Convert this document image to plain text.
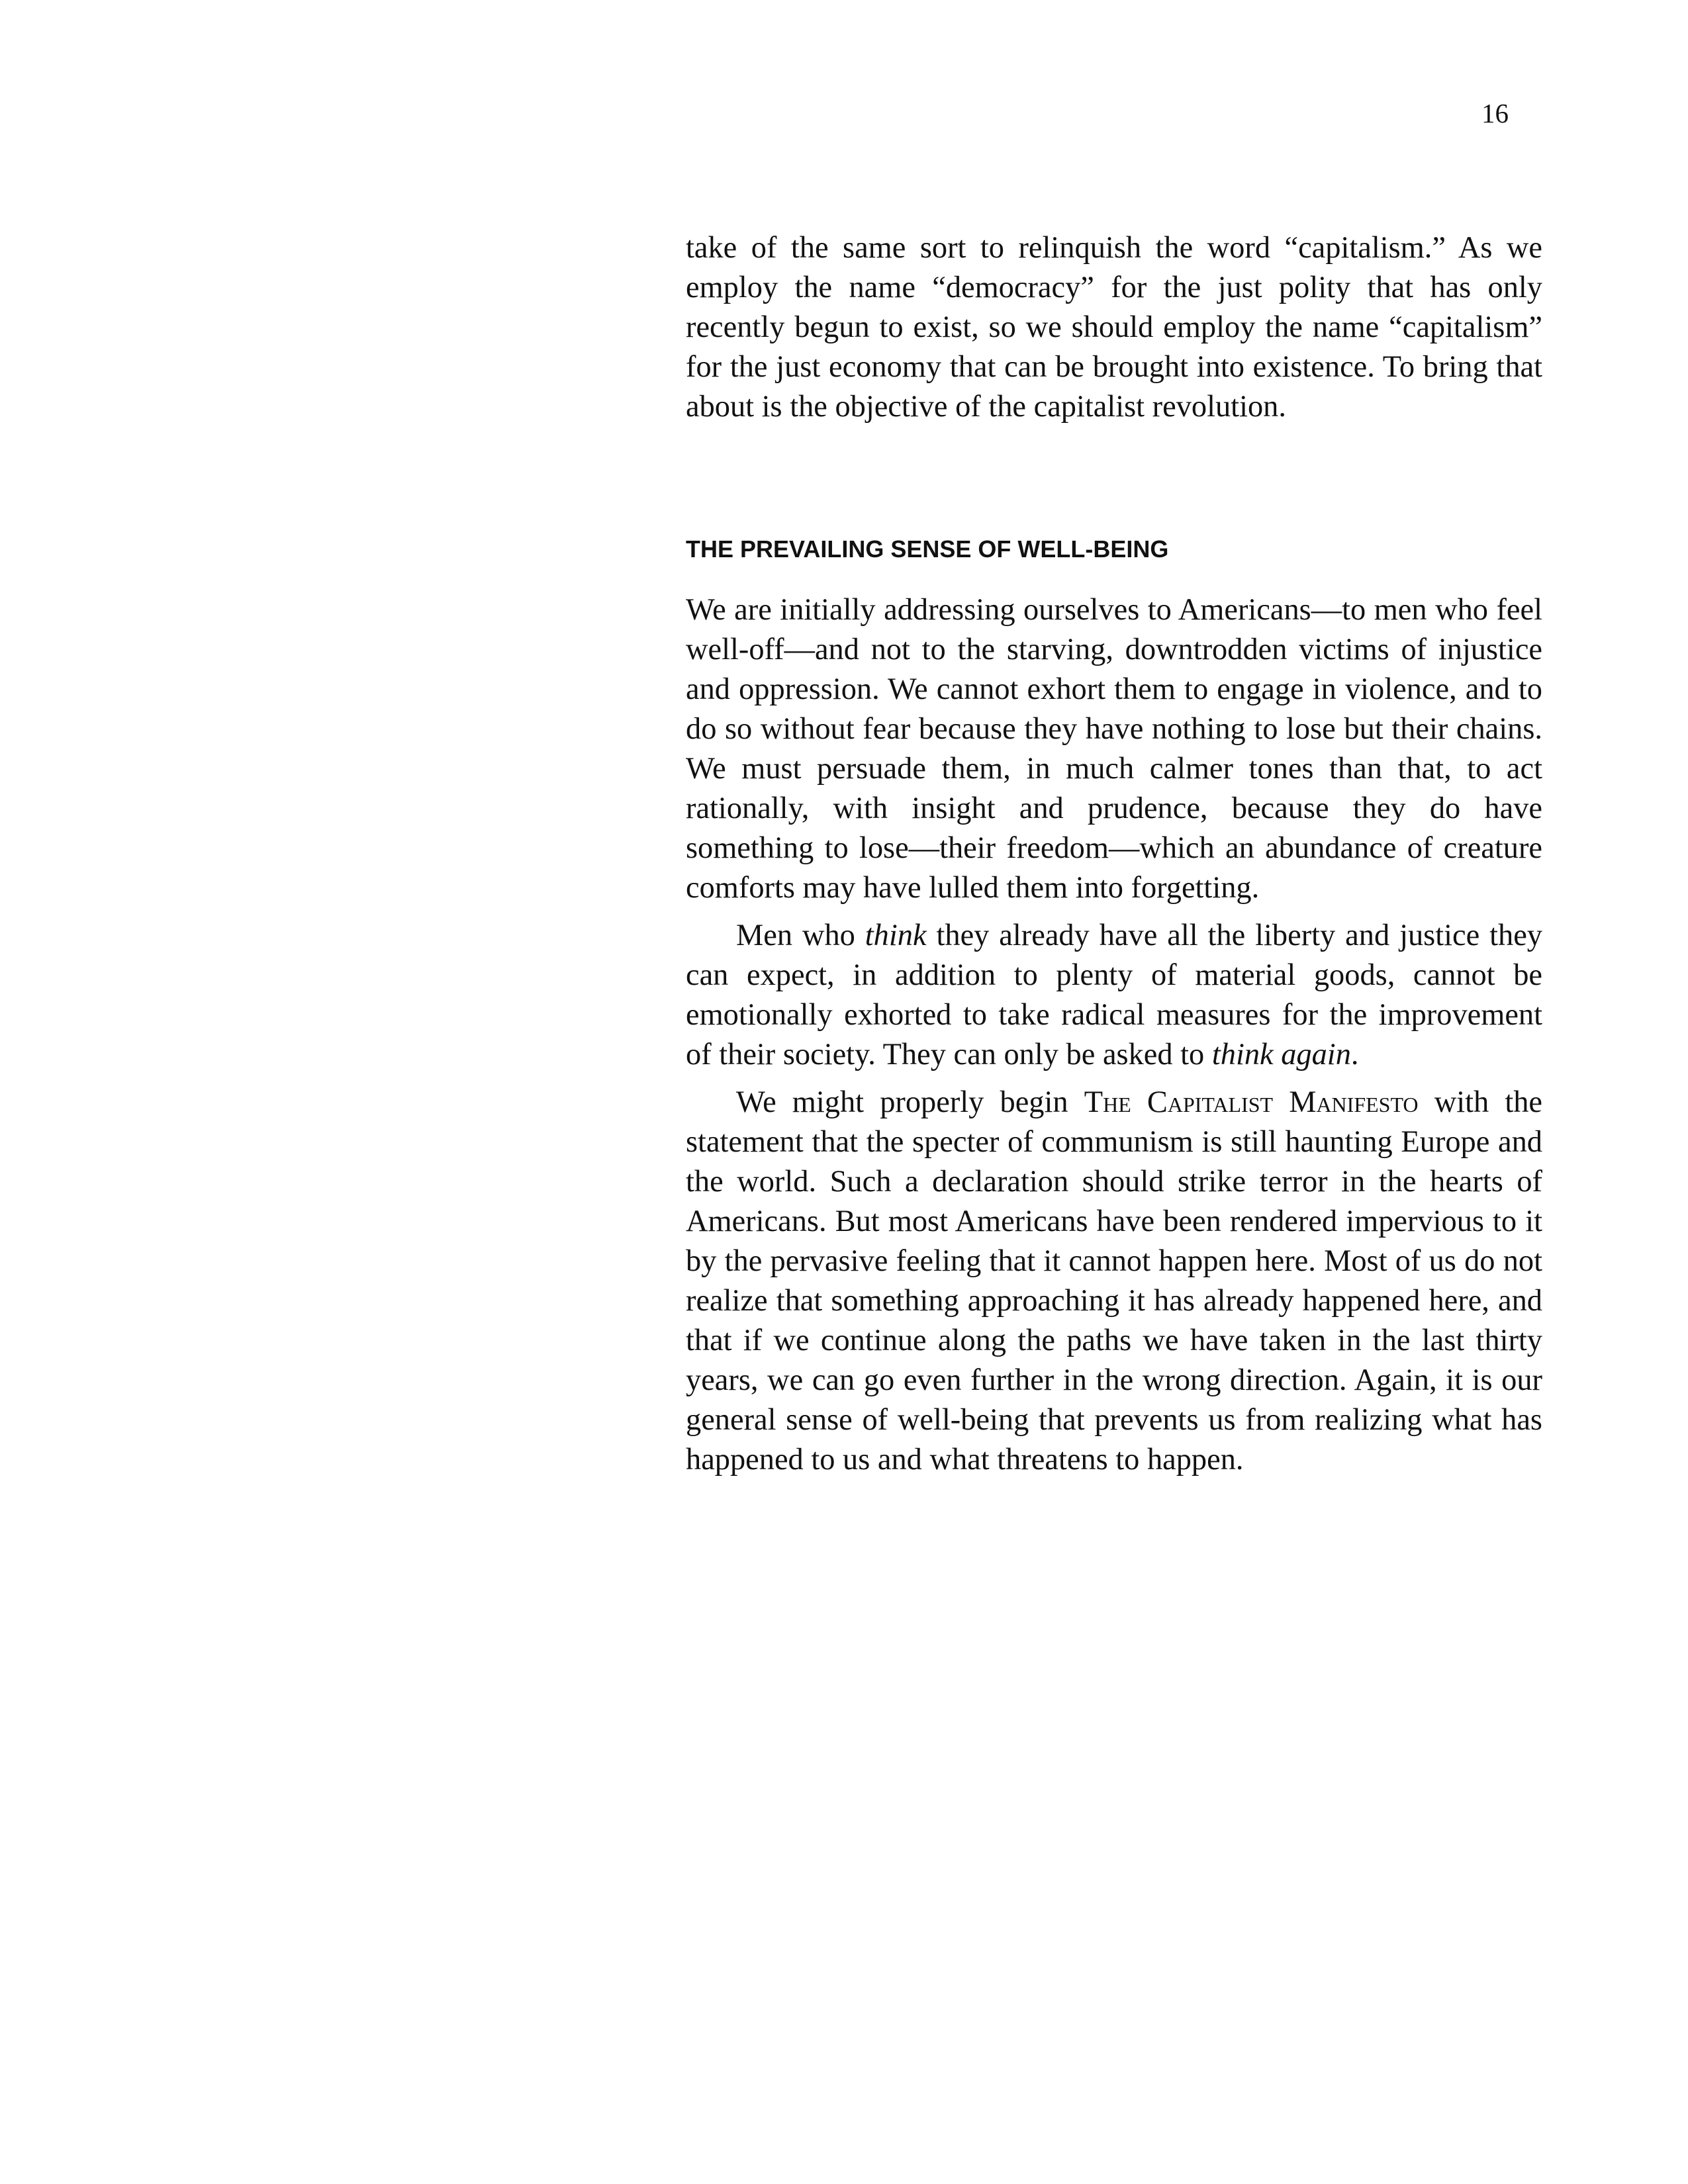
16

take of the same sort to relinquish the word “capitalism.” As we employ the name “democracy” for the just polity that has only recently begun to exist, so we should employ the name “capitalism” for the just economy that can be brought into existence. To bring that about is the objective of the capitalist revolution.

THE PREVAILING SENSE OF WELL-BEING

We are initially addressing ourselves to Americans––to men who feel well-off––and not to the starving, downtrodden victims of injustice and oppression. We cannot exhort them to engage in violence, and to do so without fear because they have nothing to lose but their chains. We must persuade them, in much calmer tones than that, to act rationally, with insight and prudence, because they do have something to lose––their freedom––which an abundance of creature comforts may have lulled them into forgetting.

Men who think they already have all the liberty and justice they can expect, in addition to plenty of material goods, cannot be emotionally exhorted to take radical measures for the improvement of their society. They can only be asked to think again.

We might properly begin The Capitalist Manifesto with the statement that the specter of communism is still haunting Europe and the world. Such a declaration should strike terror in the hearts of Americans. But most Americans have been rendered impervious to it by the pervasive feeling that it cannot happen here. Most of us do not realize that something approaching it has already happened here, and that if we continue along the paths we have taken in the last thirty years, we can go even further in the wrong direction. Again, it is our general sense of well-being that prevents us from realizing what has happened to us and what threatens to happen.
